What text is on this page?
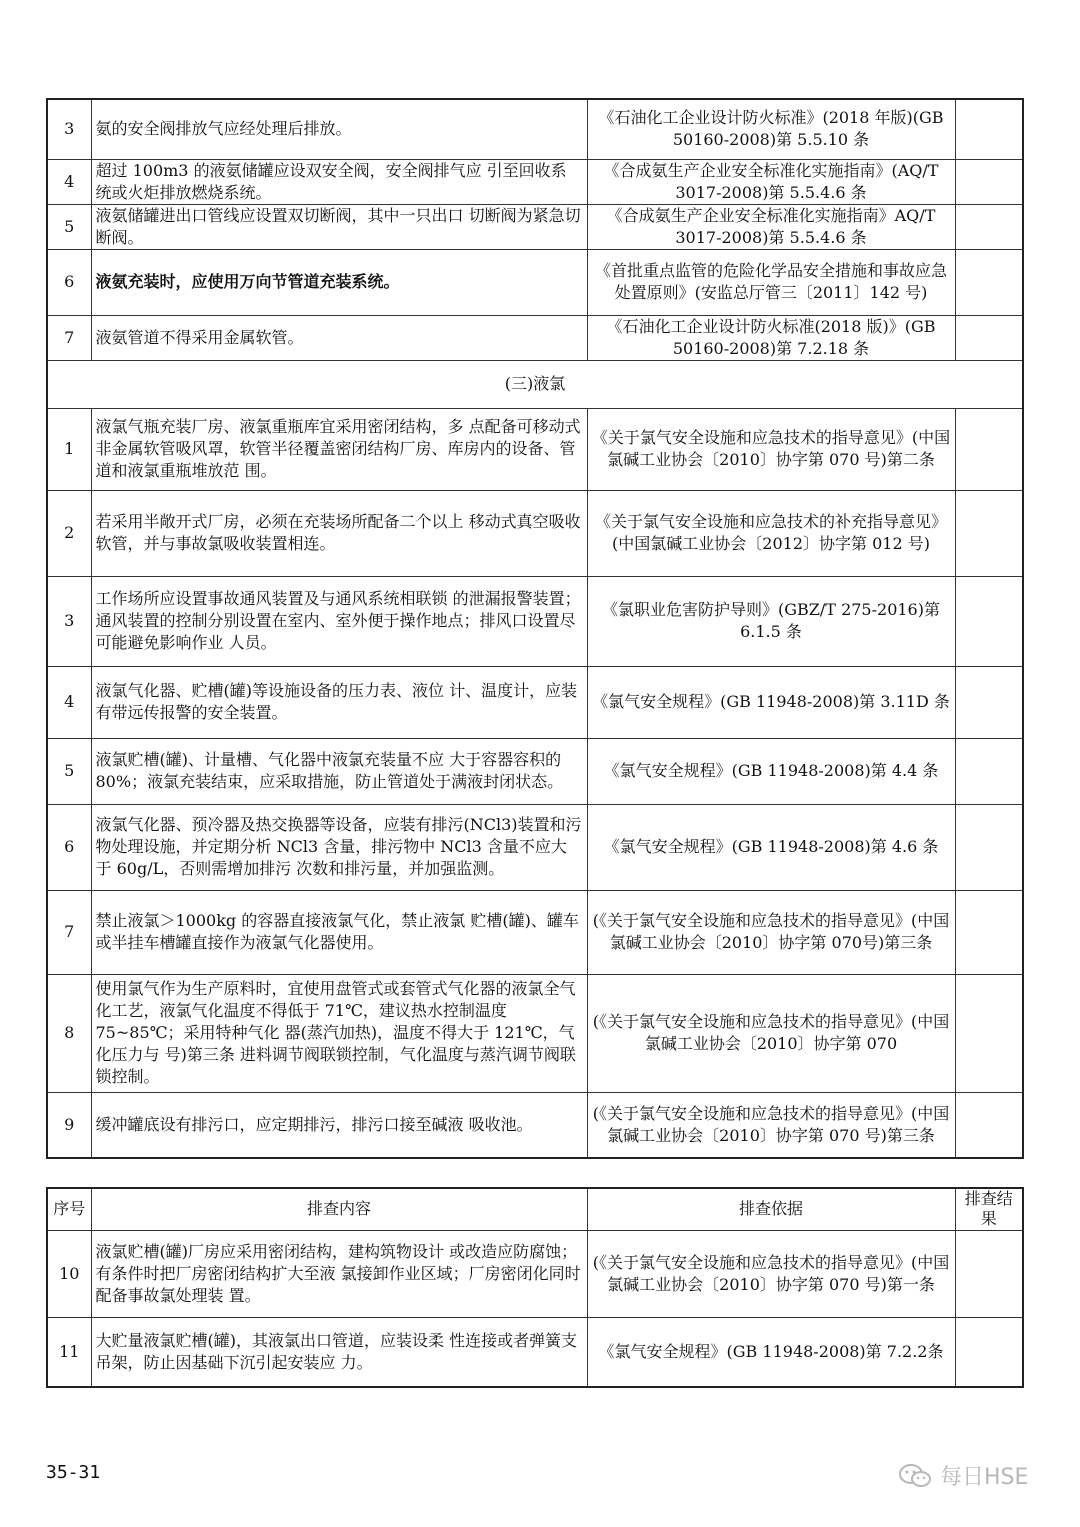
3	氨的安全阀排放气应经处理后排放。	《石油化工企业设计防火标准》(2018 年版)(GB 50160-2008)第 5.5.10 条	
4	超过 100m3 的液氨储罐应设双安全阀，安全阀排气应 引至回收系统或火炬排放燃烧系统。	《合成氨生产企业安全标准化实施指南》(AQ/T 3017-2008)第 5.5.4.6 条	
5	液氨储罐进出口管线应设置双切断阀，其中一只出口 切断阀为紧急切断阀。	《合成氨生产企业安全标准化实施指南》AQ/T 3017-2008)第 5.5.4.6 条	
6	液氨充装时，应使用万向节管道充装系统。	《首批重点监管的危险化学品安全措施和事故应急处置原则》(安监总厅管三〔2011〕142 号)	
7	液氨管道不得采用金属软管。	《石油化工企业设计防火标准(2018 版)》(GB 50160-2008)第 7.2.18 条	
(三)液氯			
1	液氯气瓶充装厂房、液氯重瓶库宜采用密闭结构，多 点配备可移动式非金属软管吸风罩，软管半径覆盖密闭结构厂房、库房内的设备、管道和液氯重瓶堆放范 围。	《关于氯气安全设施和应急技术的指导意见》(中国氯碱工业协会〔2010〕协字第 070 号)第二条	
2	若采用半敞开式厂房，必须在充装场所配备二个以上 移动式真空吸收软管，并与事故氯吸收装置相连。	《关于氯气安全设施和应急技术的补充指导意见》(中国氯碱工业协会〔2012〕协字第 012 号)	
3	工作场所应设置事故通风装置及与通风系统相联锁 的泄漏报警装置；通风装置的控制分别设置在室内、室外便于操作地点；排风口设置尽可能避免影响作业 人员。	《氯职业危害防护导则》(GBZ/T 275-2016)第 6.1.5 条	
4	液氯气化器、贮槽(罐)等设施设备的压力表、液位 计、温度计，应装有带远传报警的安全装置。	《氯气安全规程》(GB 11948-2008)第 3.11D 条	
5	液氯贮槽(罐)、计量槽、气化器中液氯充装量不应 大于容器容积的 80%；液氯充装结束，应采取措施，防止管道处于满液封闭状态。	《氯气安全规程》(GB 11948-2008)第 4.4 条	
6	液氯气化器、预冷器及热交换器等设备，应装有排污(NCl3)装置和污物处理设施，并定期分析 NCl3 含量，排污物中 NCl3 含量不应大于 60g/L，否则需增加排污 次数和排污量，并加强监测。	《氯气安全规程》(GB 11948-2008)第 4.6 条	
7	禁止液氯＞1000kg 的容器直接液氯气化，禁止液氯 贮槽(罐)、罐车或半挂车槽罐直接作为液氯气化器使用。	(《关于氯气安全设施和应急技术的指导意见》(中国氯碱工业协会〔2010〕协字第 070号)第三条	
8	使用氯气作为生产原料时，宜使用盘管式或套管式气化器的液氯全气化工艺，液氯气化温度不得低于 71℃，建议热水控制温度 75~85℃；采用特种气化 器(蒸汽加热)，温度不得大于 121℃，气化压力与 号)第三条 进料调节阀联锁控制，气化温度与蒸汽调节阀联锁控制。	(《关于氯气安全设施和应急技术的指导意见》(中国氯碱工业协会〔2010〕协字第 070	
9	缓冲罐底设有排污口，应定期排污，排污口接至碱液 吸收池。	(《关于氯气安全设施和应急技术的指导意见》(中国氯碱工业协会〔2010〕协字第 070 号)第三条	
序号	排查内容	排查依据	排查结果
10	液氯贮槽(罐)厂房应采用密闭结构，建构筑物设计 或改造应防腐蚀；有条件时把厂房密闭结构扩大至液 氯接卸作业区域；厂房密闭化同时配备事故氯处理装 置。	(《关于氯气安全设施和应急技术的指导意见》(中国氯碱工业协会〔2010〕协字第 070 号)第一条	
11	大贮量液氯贮槽(罐)，其液氯出口管道，应装设柔 性连接或者弹簧支吊架，防止因基础下沉引起安装应 力。	《氯气安全规程》(GB 11948-2008)第 7.2.2条	
35-31	每日HSE
